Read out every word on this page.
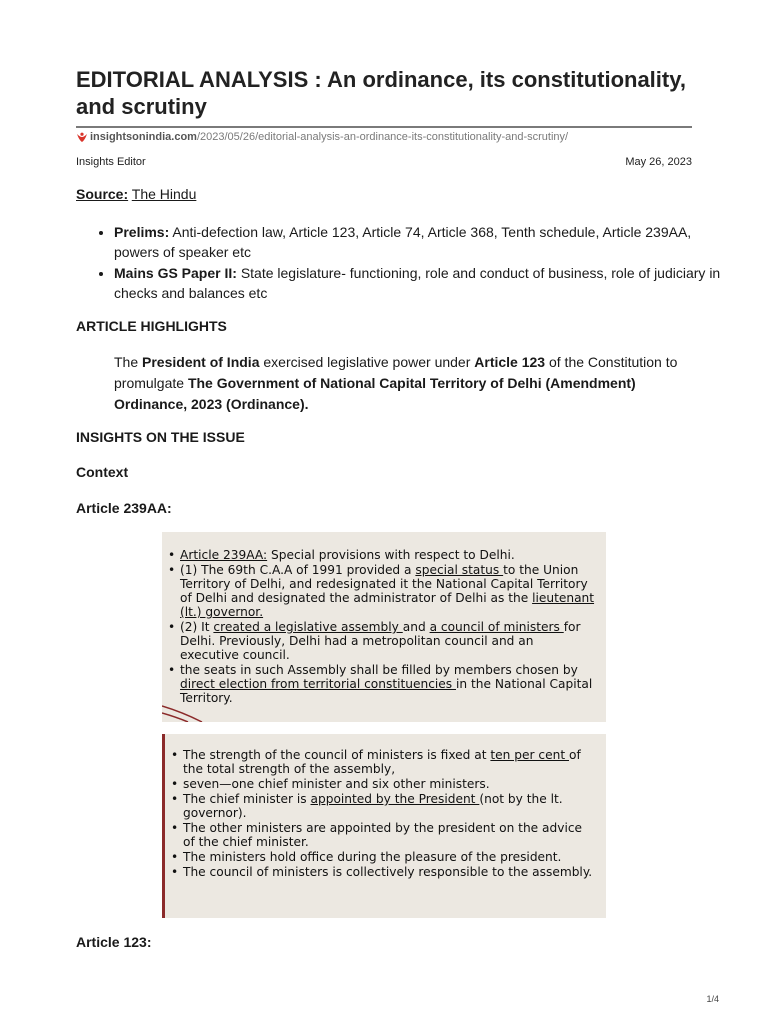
EDITORIAL ANALYSIS : An ordinance, its constitutionality, and scrutiny
insightsonindia.com /2023/05/26/editorial-analysis-an-ordinance-its-constitutionality-and-scrutiny/
Insights Editor	May 26, 2023
Source: The Hindu
• Prelims: Anti-defection law, Article 123, Article 74, Article 368, Tenth schedule, Article 239AA, powers of speaker etc
• Mains GS Paper II: State legislature- functioning, role and conduct of business, role of judiciary in checks and balances etc
ARTICLE HIGHLIGHTS
The President of India exercised legislative power under Article 123 of the Constitution to promulgate The Government of National Capital Territory of Delhi (Amendment) Ordinance, 2023 (Ordinance).
INSIGHTS ON THE ISSUE
Context
Article 239AA:
• Article 239AA: Special provisions with respect to Delhi.
• (1) The 69th C.A.A of 1991 provided a special status to the Union Territory of Delhi, and redesignated it the National Capital Territory of Delhi and designated the administrator of Delhi as the lieutenant (lt.) governor.
• (2) It created a legislative assembly and a council of ministers for Delhi. Previously, Delhi had a metropolitan council and an executive council.
• the seats in such Assembly shall be filled by members chosen by direct election from territorial constituencies in the National Capital Territory.
• The strength of the council of ministers is fixed at ten per cent of the total strength of the assembly,
• seven—one chief minister and six other ministers.
• The chief minister is appointed by the President (not by the lt. governor).
• The other ministers are appointed by the president on the advice of the chief minister.
• The ministers hold office during the pleasure of the president.
• The council of ministers is collectively responsible to the assembly.
Article 123:
1/4
